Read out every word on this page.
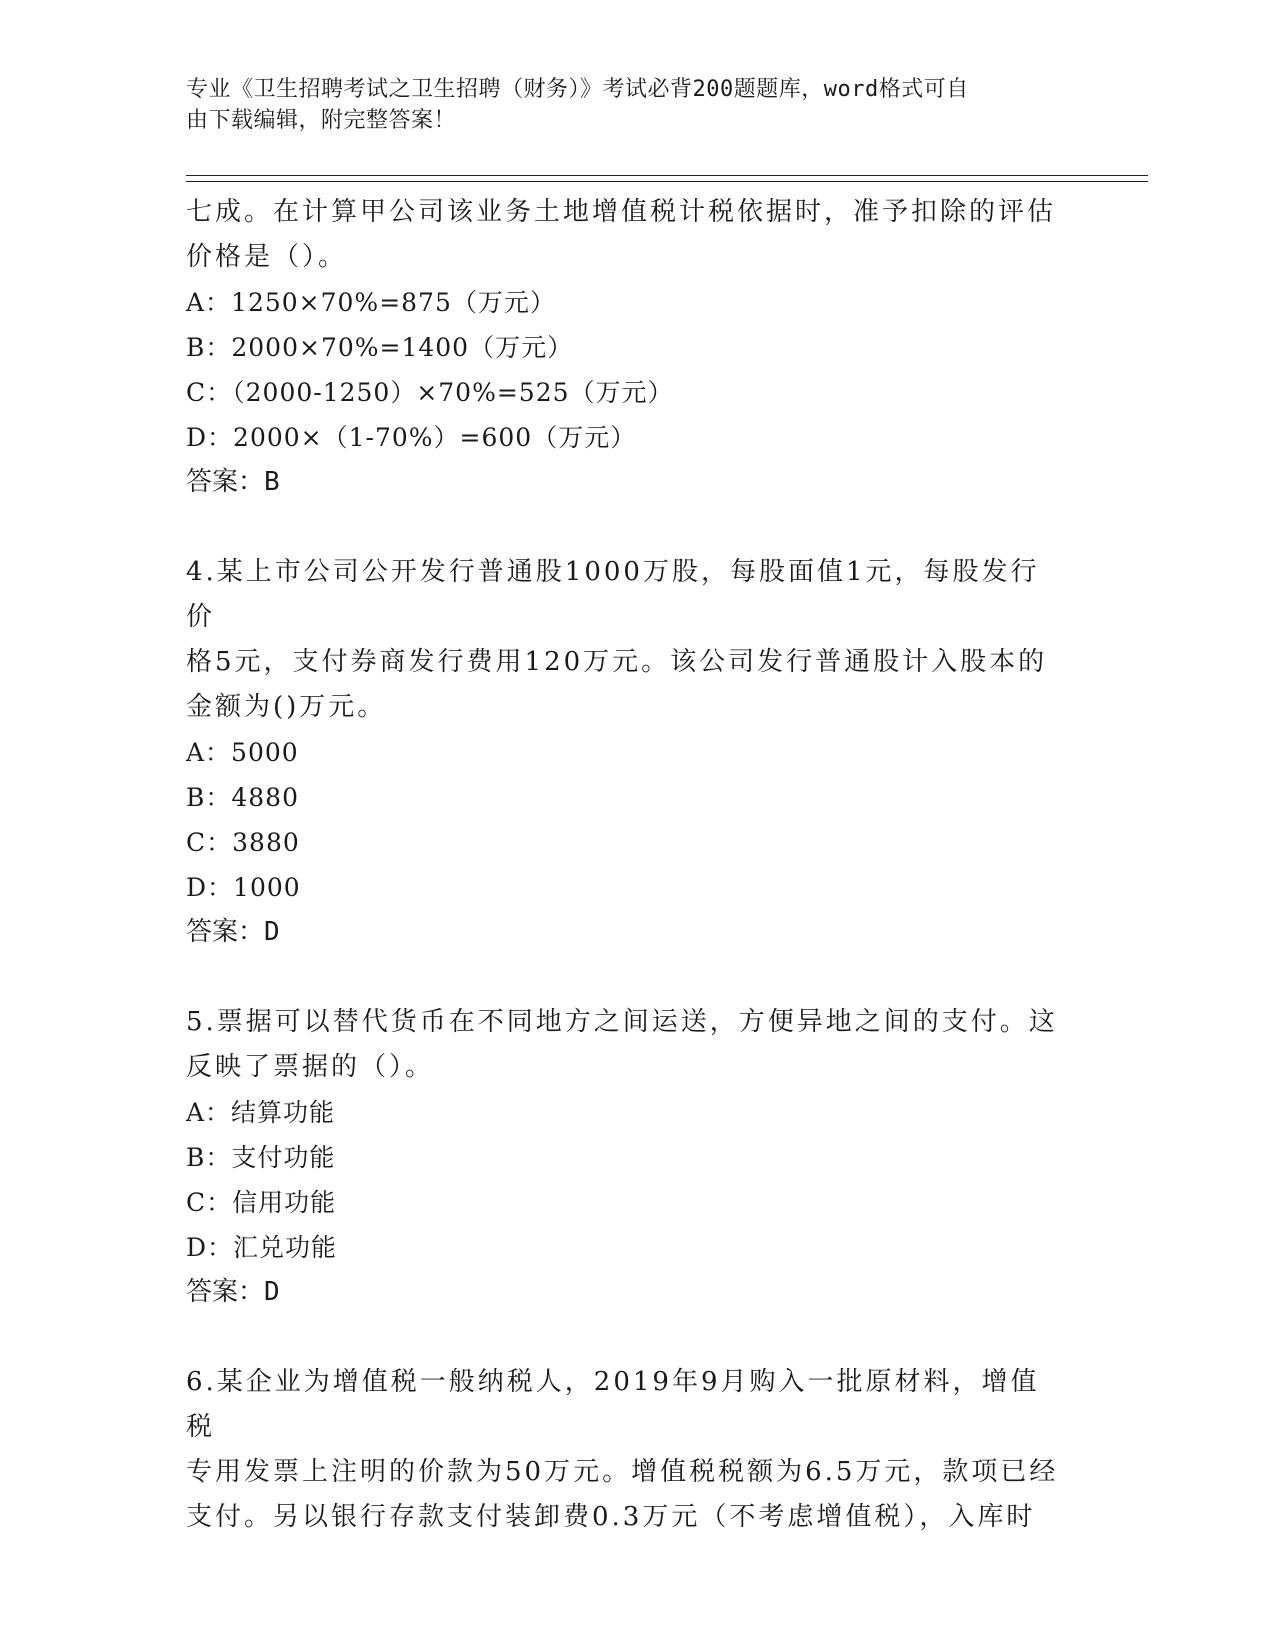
专业《卫生招聘考试之卫生招聘（财务）》考试必背200题题库，word格式可自
由下载编辑，附完整答案！

七成。在计算甲公司该业务土地增值税计税依据时，准予扣除的评估

价格是（）。

A：1250×70%=875（万元）

B：2000×70%=1400（万元）

C：（2000-1250）×70%=525（万元）

D：2000×（1-70%）=600（万元）

答案：B

4.某上市公司公开发行普通股1000万股，每股面值1元，每股发行价

格5元，支付券商发行费用120万元。该公司发行普通股计入股本的

金额为()万元。

A：5000

B：4880

C：3880

D：1000

答案：D

5.票据可以替代货币在不同地方之间运送，方便异地之间的支付。这

反映了票据的（）。

A：结算功能

B：支付功能

C：信用功能

D：汇兑功能

答案：D

6.某企业为增值税一般纳税人，2019年9月购入一批原材料，增值税

专用发票上注明的价款为50万元。增值税税额为6.5万元，款项已经

支付。另以银行存款支付装卸费0.3万元（不考虑增值税），入库时
